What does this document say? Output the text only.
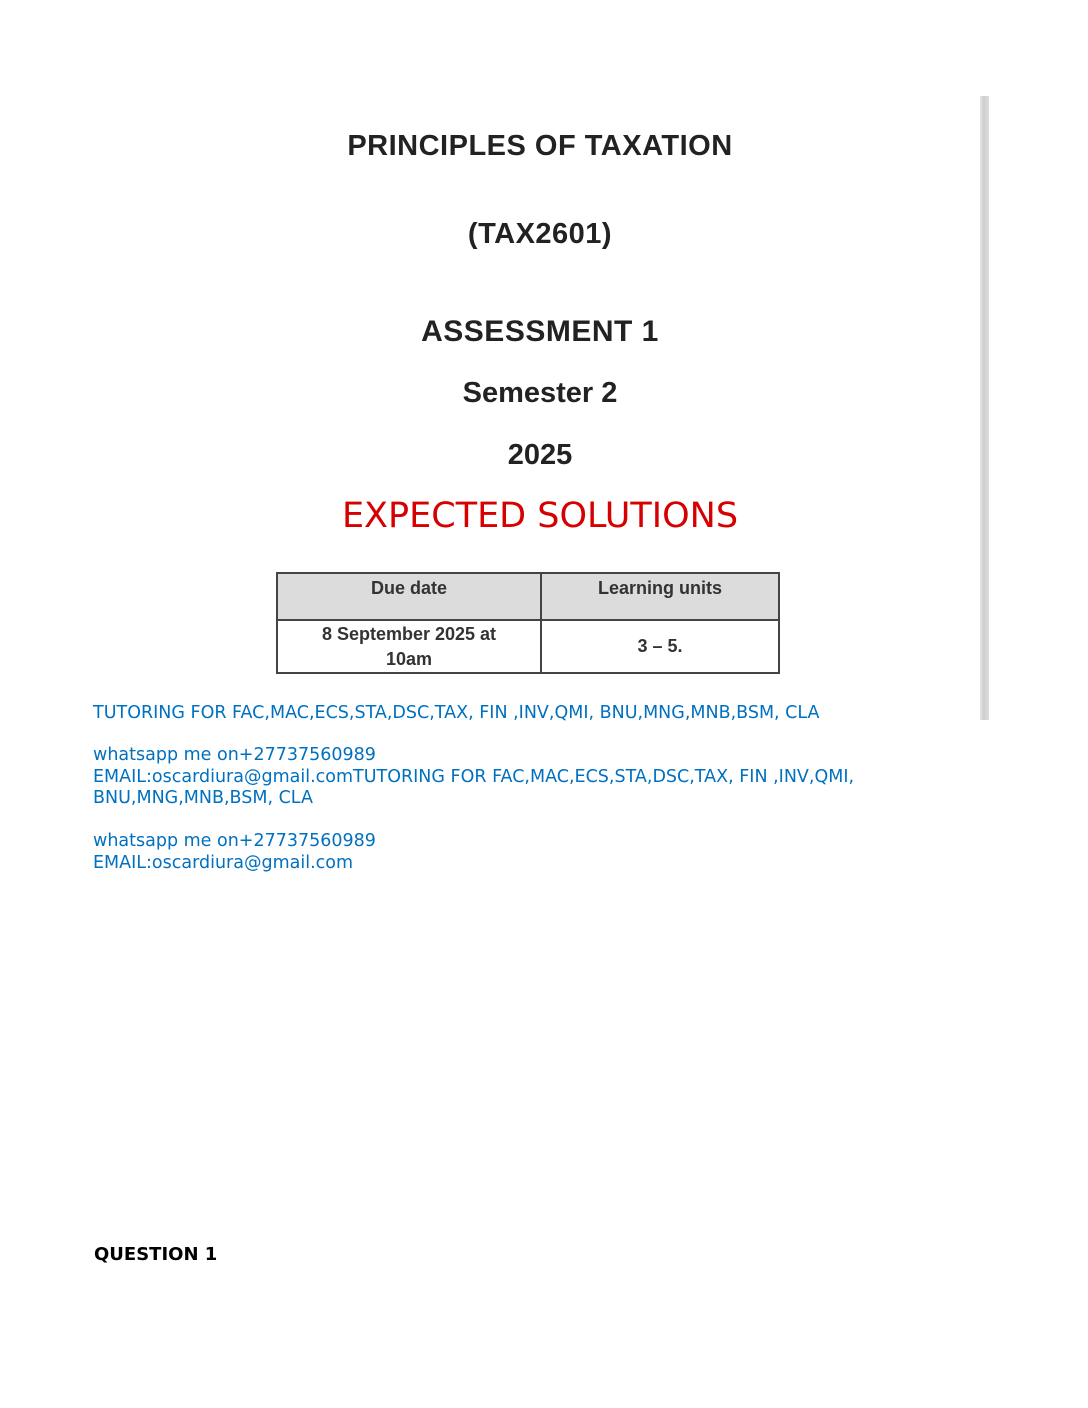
PRINCIPLES OF TAXATION
(TAX2601)
ASSESSMENT 1
Semester 2
2025
EXPECTED SOLUTIONS
Due date	Learning units
8 September 2025 at 10am	3 – 5.
TUTORING FOR FAC,MAC,ECS,STA,DSC,TAX, FIN ,INV,QMI, BNU,MNG,MNB,BSM, CLA
whatsapp me on+27737560989
EMAIL:oscardiura@gmail.comTUTORING FOR FAC,MAC,ECS,STA,DSC,TAX, FIN ,INV,QMI, BNU,MNG,MNB,BSM, CLA
whatsapp me on+27737560989
EMAIL:oscardiura@gmail.com
QUESTION 1
